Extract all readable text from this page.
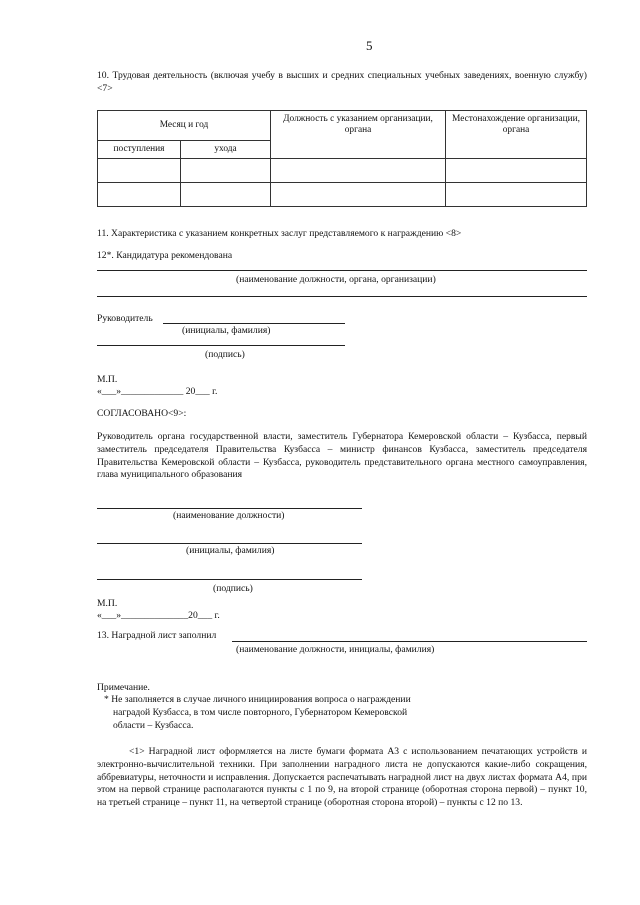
5
10. Трудовая деятельность (включая учебу в высших и средних специальных учебных заведениях, военную службу) <7>
Месяц и год		Должность с указанием организации, органа	Местонахождение организации, органа
поступления	ухода		

11. Характеристика с указанием конкретных заслуг представляемого к награждению <8>
12*. Кандидатура рекомендована
(наименование должности, органа, организации)
Руководитель
(инициалы, фамилия)
(подпись)
М.П.
«___»_____________ 20___ г.
СОГЛАСОВАНО<9>:
Руководитель органа государственной власти, заместитель Губернатора Кемеровской области – Кузбасса, первый заместитель председателя Правительства Кузбасса – министр финансов Кузбасса, заместитель председателя Правительства Кемеровской области – Кузбасса, руководитель представительного органа местного самоуправления, глава муниципального образования
(наименование должности)
(инициалы, фамилия)
(подпись)
М.П.
«___»______________20___ г.
13. Наградной лист заполнил
(наименование должности, инициалы, фамилия)
Примечание.
* Не заполняется в случае личного инициирования вопроса о награждении
наградой Кузбасса, в том числе повторного, Губернатором Кемеровской
области – Кузбасса.
<1> Наградной лист оформляется на листе бумаги формата А3 с использованием печатающих устройств и электронно-вычислительной техники. При заполнении наградного листа не допускаются какие-либо сокращения, аббревиатуры, неточности и исправления. Допускается распечатывать наградной лист на двух листах формата А4, при этом на первой странице располагаются пункты с 1 по 9, на второй странице (оборотная сторона первой) – пункт 10, на третьей странице – пункт 11, на четвертой странице (оборотная сторона второй) – пункты с 12 по 13.
